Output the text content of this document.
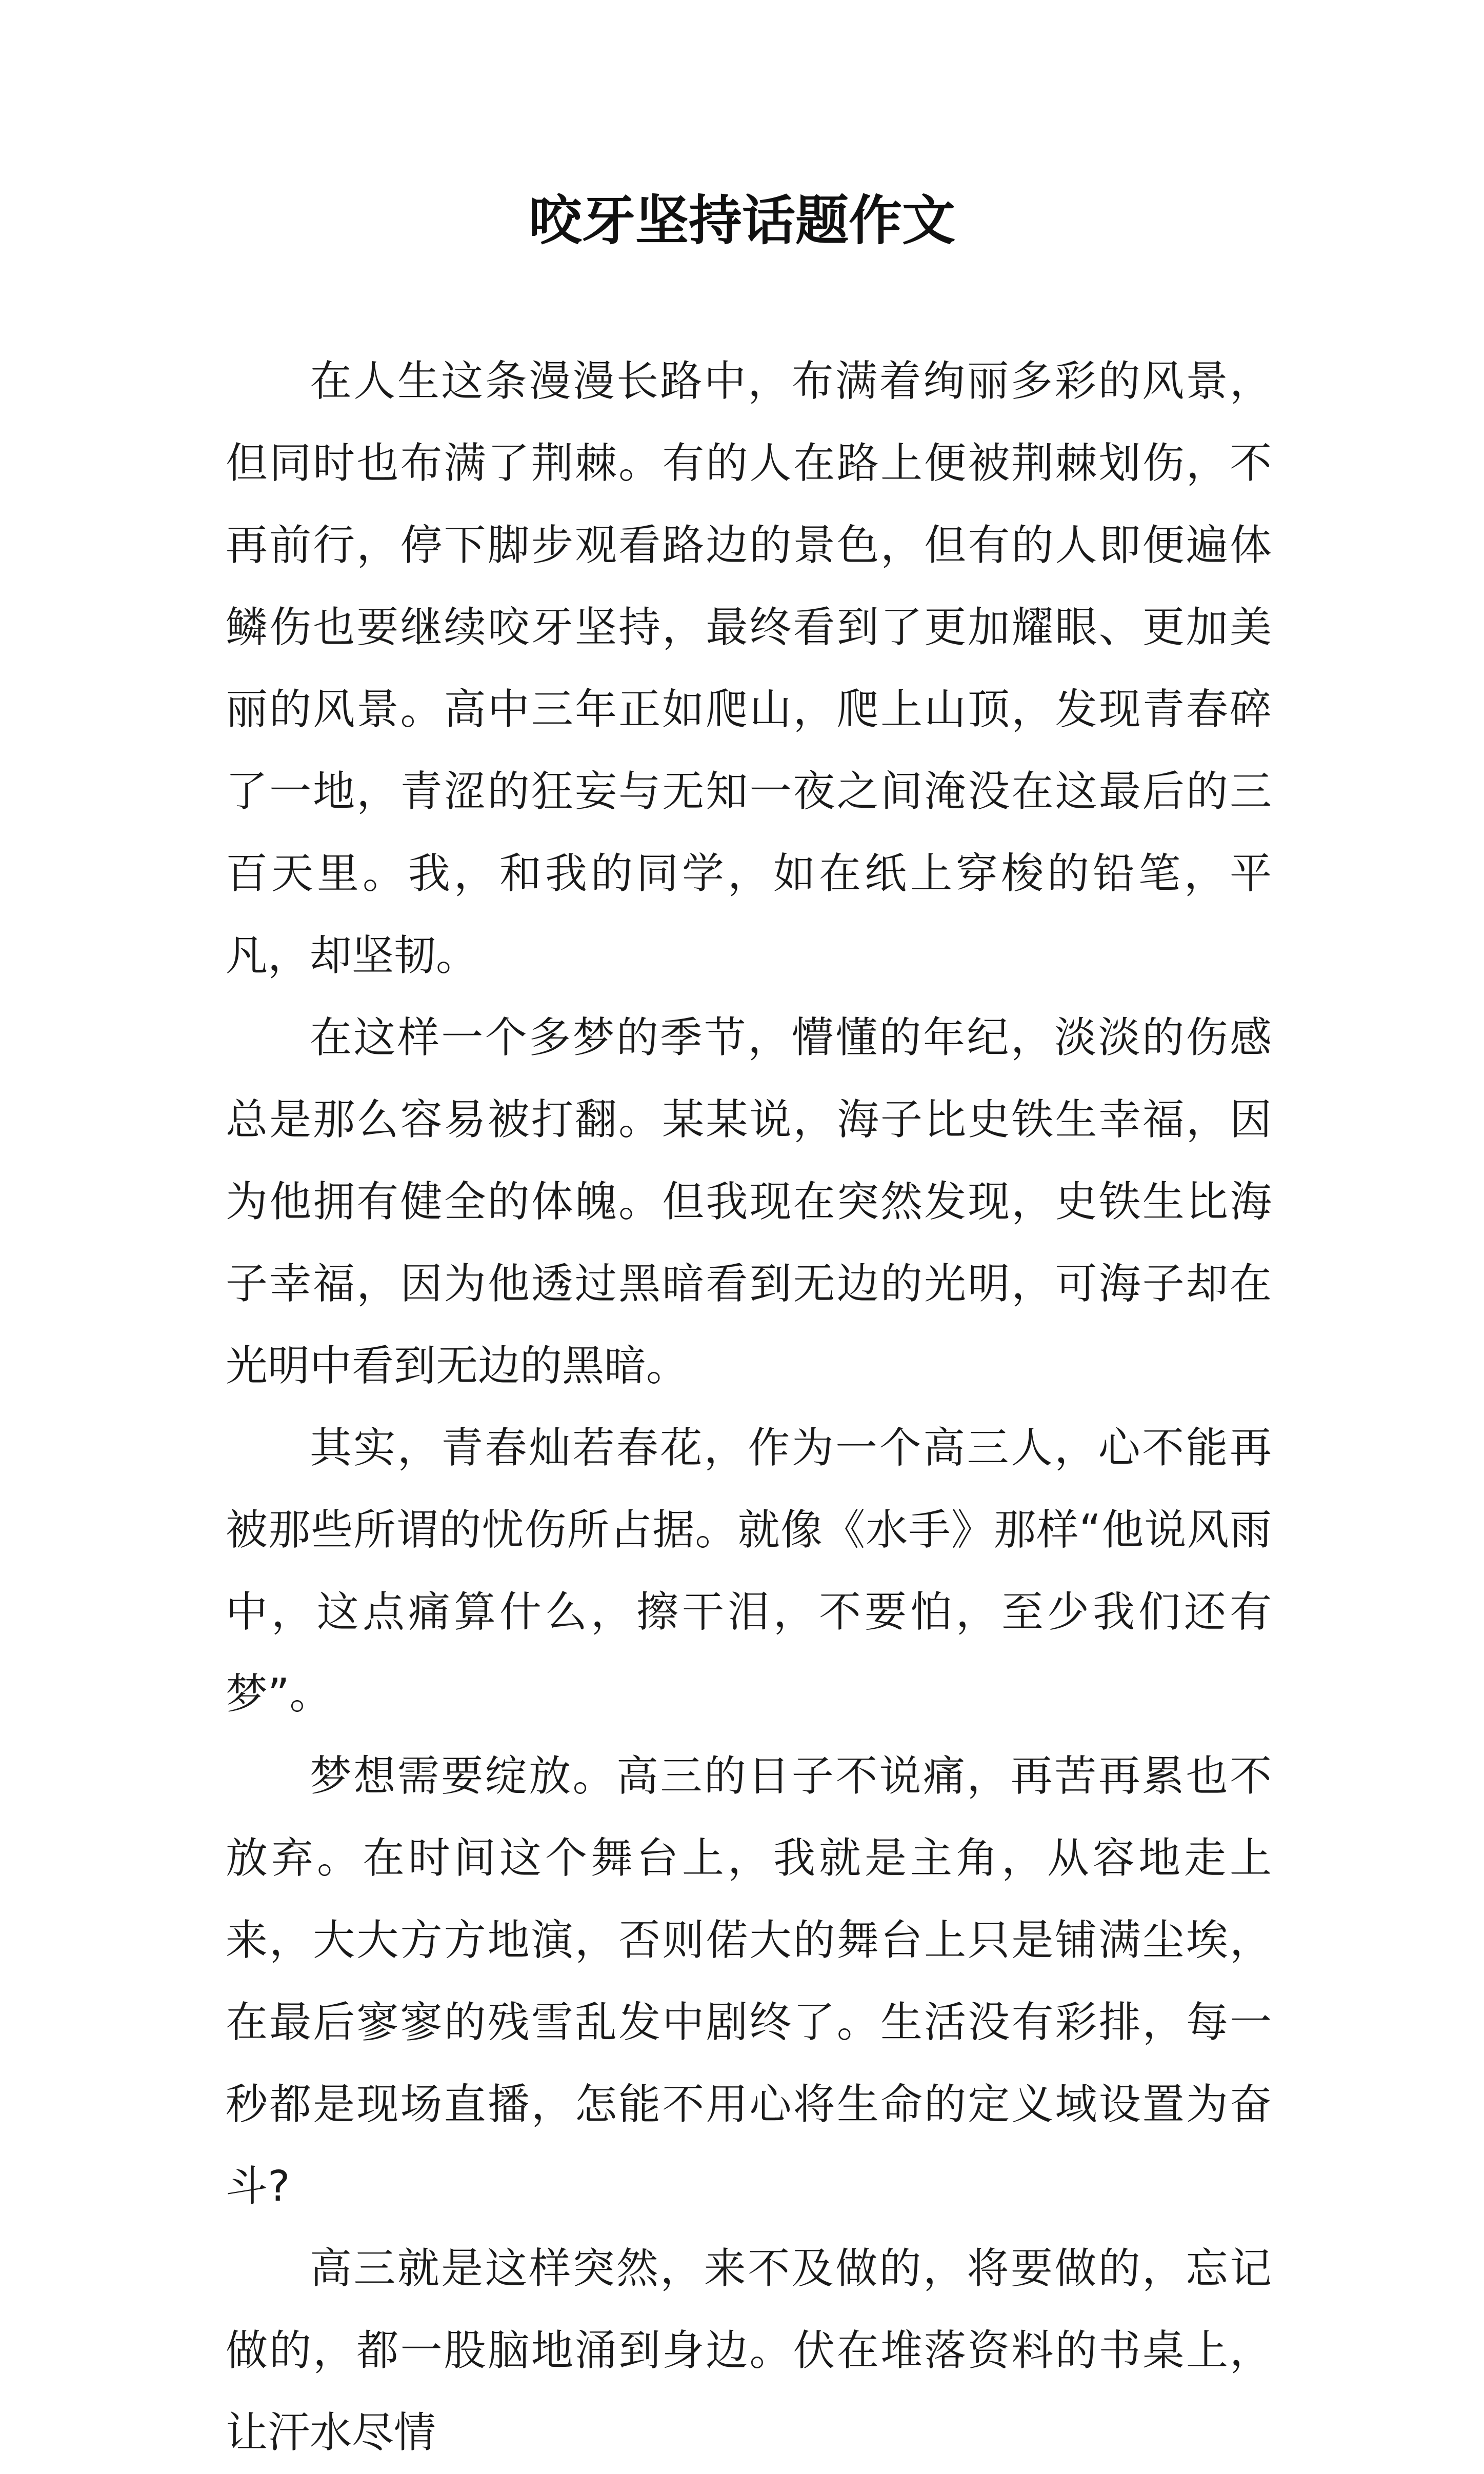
咬牙坚持话题作文

在人生这条漫漫长路中，布满着绚丽多彩的风景，但同时也布满了荆棘。有的人在路上便被荆棘划伤，不再前行，停下脚步观看路边的景色，但有的人即便遍体鳞伤也要继续咬牙坚持，最终看到了更加耀眼、更加美丽的风景。高中三年正如爬山，爬上山顶，发现青春碎了一地，青涩的狂妄与无知一夜之间淹没在这最后的三百天里。我，和我的同学，如在纸上穿梭的铅笔，平凡，却坚韧。

在这样一个多梦的季节，懵懂的年纪，淡淡的伤感总是那么容易被打翻。某某说，海子比史铁生幸福，因为他拥有健全的体魄。但我现在突然发现，史铁生比海子幸福，因为他透过黑暗看到无边的光明，可海子却在光明中看到无边的黑暗。

其实，青春灿若春花，作为一个高三人，心不能再被那些所谓的忧伤所占据。就像《水手》那样“他说风雨中，这点痛算什么，擦干泪，不要怕，至少我们还有梦”。

梦想需要绽放。高三的日子不说痛，再苦再累也不放弃。在时间这个舞台上，我就是主角，从容地走上来，大大方方地演，否则偌大的舞台上只是铺满尘埃，在最后寥寥的残雪乱发中剧终了。生活没有彩排，每一秒都是现场直播，怎能不用心将生命的定义域设置为奋斗?

高三就是这样突然，来不及做的，将要做的，忘记做的，都一股脑地涌到身边。伏在堆落资料的书桌上，让汗水尽情
